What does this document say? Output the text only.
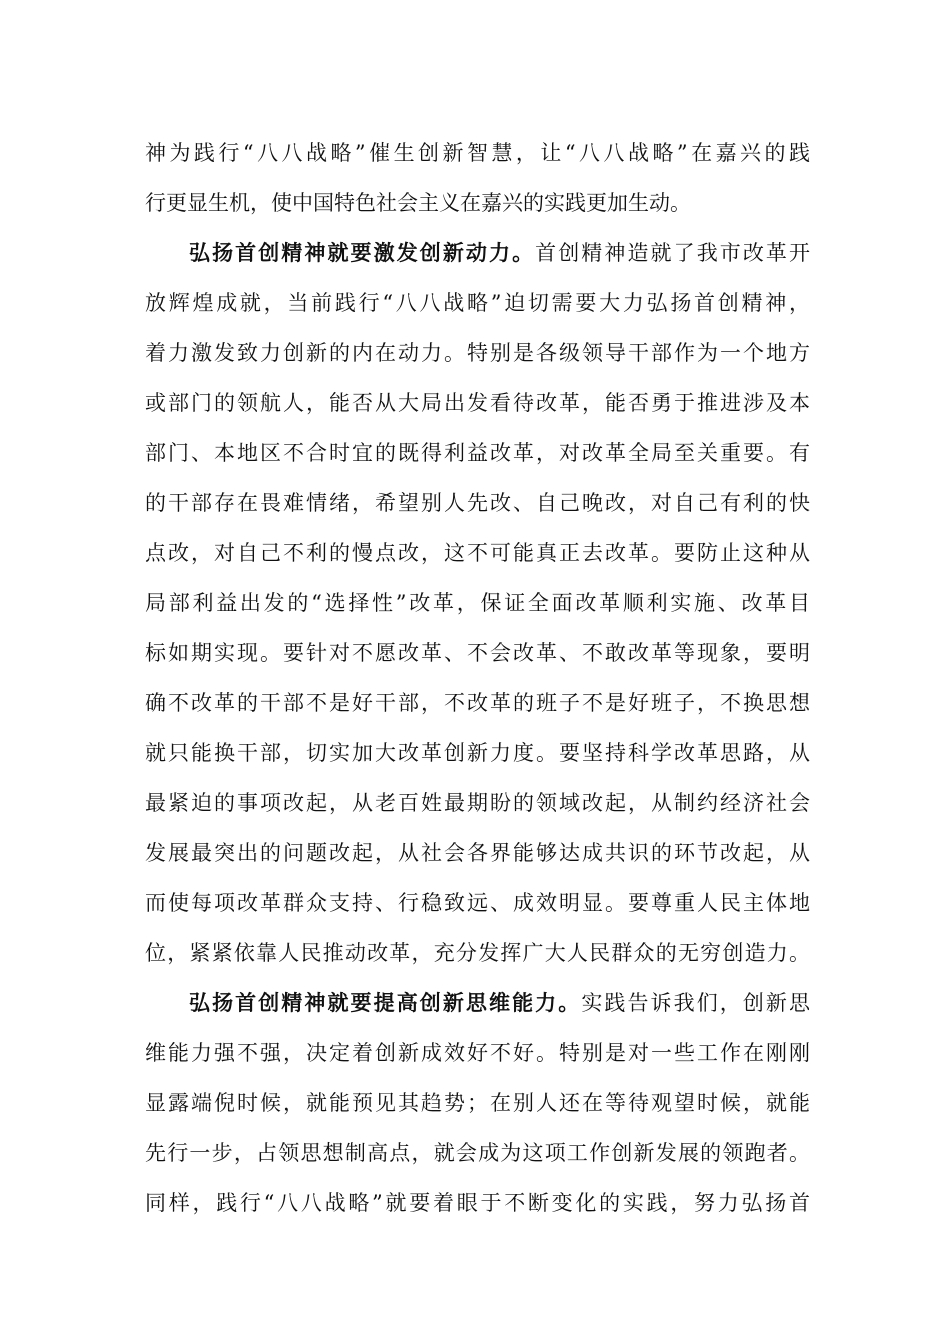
神为践行“八八战略”催生创新智慧，让“八八战略”在嘉兴的践
行更显生机，使中国特色社会主义在嘉兴的实践更加生动。
弘扬首创精神就要激发创新动力。首创精神造就了我市改革开
放辉煌成就，当前践行“八八战略”迫切需要大力弘扬首创精神，
着力激发致力创新的内在动力。特别是各级领导干部作为一个地方
或部门的领航人，能否从大局出发看待改革，能否勇于推进涉及本
部门、本地区不合时宜的既得利益改革，对改革全局至关重要。有
的干部存在畏难情绪，希望别人先改、自己晚改，对自己有利的快
点改，对自己不利的慢点改，这不可能真正去改革。要防止这种从
局部利益出发的“选择性”改革，保证全面改革顺利实施、改革目
标如期实现。要针对不愿改革、不会改革、不敢改革等现象，要明
确不改革的干部不是好干部，不改革的班子不是好班子，不换思想
就只能换干部，切实加大改革创新力度。要坚持科学改革思路，从
最紧迫的事项改起，从老百姓最期盼的领域改起，从制约经济社会
发展最突出的问题改起，从社会各界能够达成共识的环节改起，从
而使每项改革群众支持、行稳致远、成效明显。要尊重人民主体地
位，紧紧依靠人民推动改革，充分发挥广大人民群众的无穷创造力。
弘扬首创精神就要提高创新思维能力。实践告诉我们，创新思
维能力强不强，决定着创新成效好不好。特别是对一些工作在刚刚
显露端倪时候，就能预见其趋势；在别人还在等待观望时候，就能
先行一步，占领思想制高点，就会成为这项工作创新发展的领跑者。
同样，践行“八八战略”就要着眼于不断变化的实践，努力弘扬首
